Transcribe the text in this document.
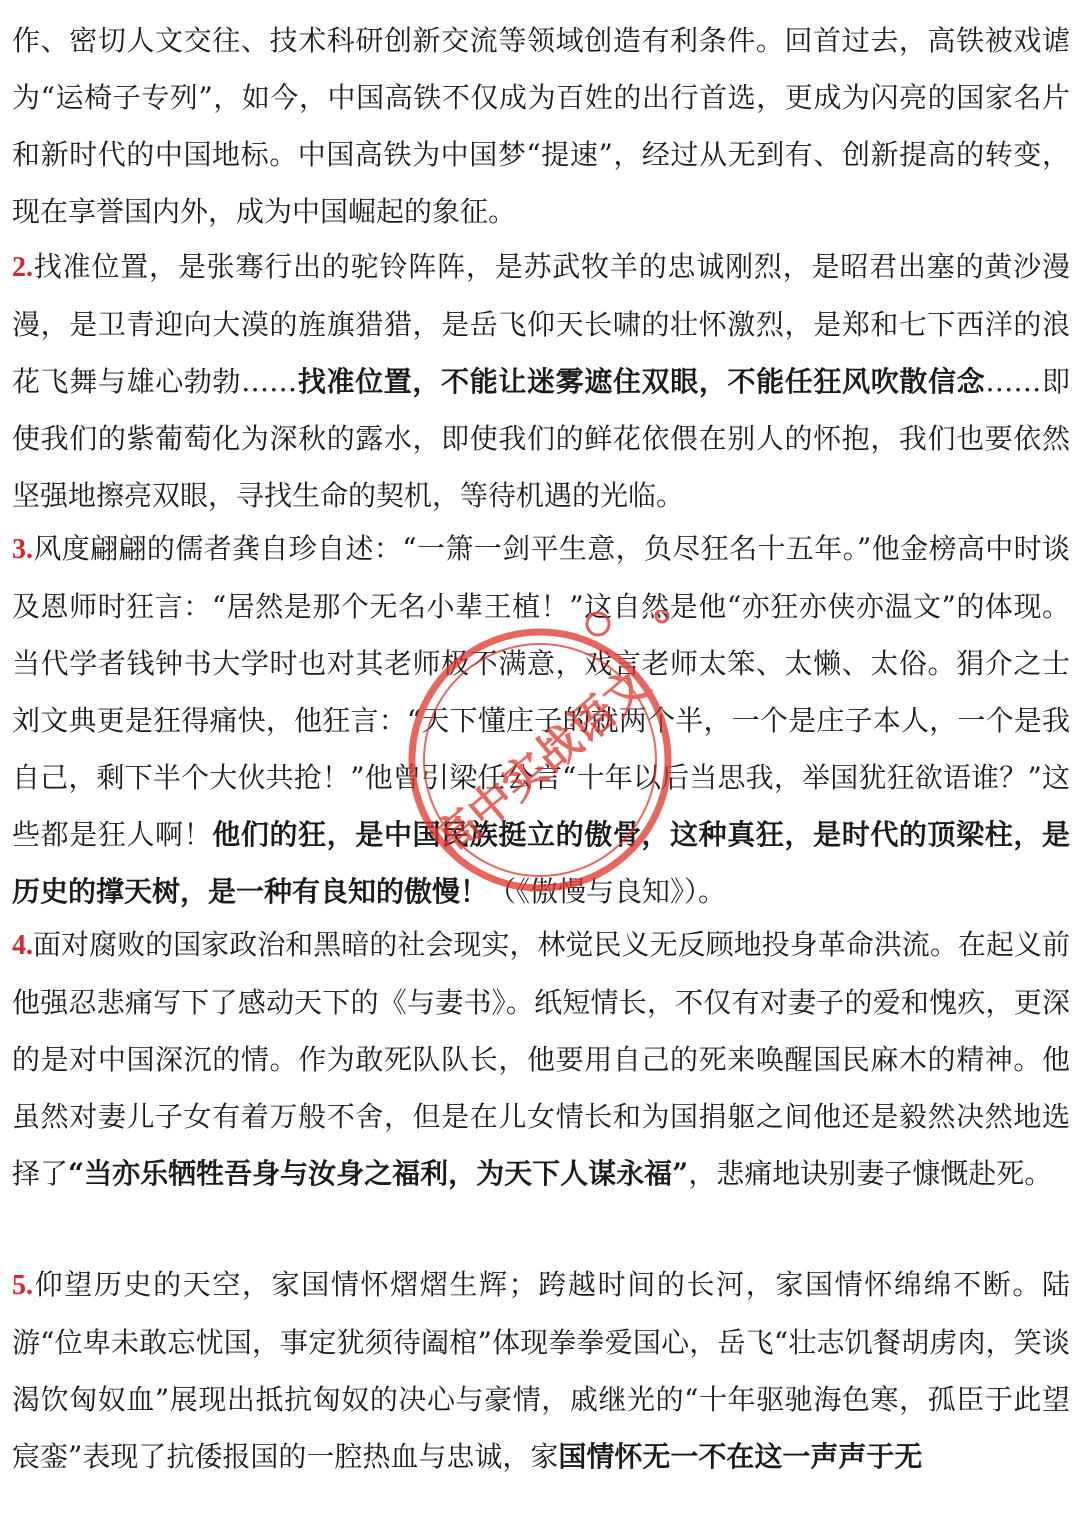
作、密切人文交往、技术科研创新交流等领域创造有利条件。回首过去，高铁被戏谑为“运椅子专列”，如今，中国高铁不仅成为百姓的出行首选，更成为闪亮的国家名片和新时代的中国地标。中国高铁为中国梦“提速”，经过从无到有、创新提高的转变，现在享誉国内外，成为中国崛起的象征。

2.找准位置，是张骞行出的驼铃阵阵，是苏武牧羊的忠诚刚烈，是昭君出塞的黄沙漫漫，是卫青迎向大漠的旌旗猎猎，是岳飞仰天长啸的壮怀激烈，是郑和七下西洋的浪花飞舞与雄心勃勃……找准位置，不能让迷雾遮住双眼，不能任狂风吹散信念……即使我们的紫葡萄化为深秋的露水，即使我们的鲜花依偎在别人的怀抱，我们也要依然坚强地擦亮双眼，寻找生命的契机，等待机遇的光临。

3.风度翩翩的儒者龚自珍自述：“一箫一剑平生意，负尽狂名十五年。”他金榜高中时谈及恩师时狂言：“居然是那个无名小辈王植！”这自然是他“亦狂亦侠亦温文”的体现。当代学者钱钟书大学时也对其老师极不满意，戏言老师太笨、太懒、太俗。狷介之士刘文典更是狂得痛快，他狂言：“天下懂庄子的就两个半，一个是庄子本人，一个是我自己，剩下半个大伙共抢！”他曾引梁任公言“十年以后当思我，举国犹狂欲语谁？”这些都是狂人啊！他们的狂，是中国民族挺立的傲骨，这种真狂，是时代的顶梁柱，是历史的撑天树，是一种有良知的傲慢！（《傲慢与良知》）。

4.面对腐败的国家政治和黑暗的社会现实，林觉民义无反顾地投身革命洪流。在起义前他强忍悲痛写下了感动天下的《与妻书》。纸短情长，不仅有对妻子的爱和愧疚，更深的是对中国深沉的情。作为敢死队队长，他要用自己的死来唤醒国民麻木的精神。他虽然对妻儿子女有着万般不舍，但是在儿女情长和为国捐躯之间他还是毅然决然地选择了“当亦乐牺牲吾身与汝身之福利，为天下人谋永福”，悲痛地诀别妻子慷慨赴死。

5.仰望历史的天空，家国情怀熠熠生辉；跨越时间的长河，家国情怀绵绵不断。陆游“位卑未敢忘忧国，事定犹须待阖棺”体现拳拳爱国心，岳飞“壮志饥餐胡虏肉，笑谈渴饮匈奴血”展现出抵抗匈奴的决心与豪情，戚继光的“十年驱驰海色寒，孤臣于此望宸銮”表现了抗倭报国的一腔热血与忠诚，家国情怀无一不在这一声声于无

高中实战语文
